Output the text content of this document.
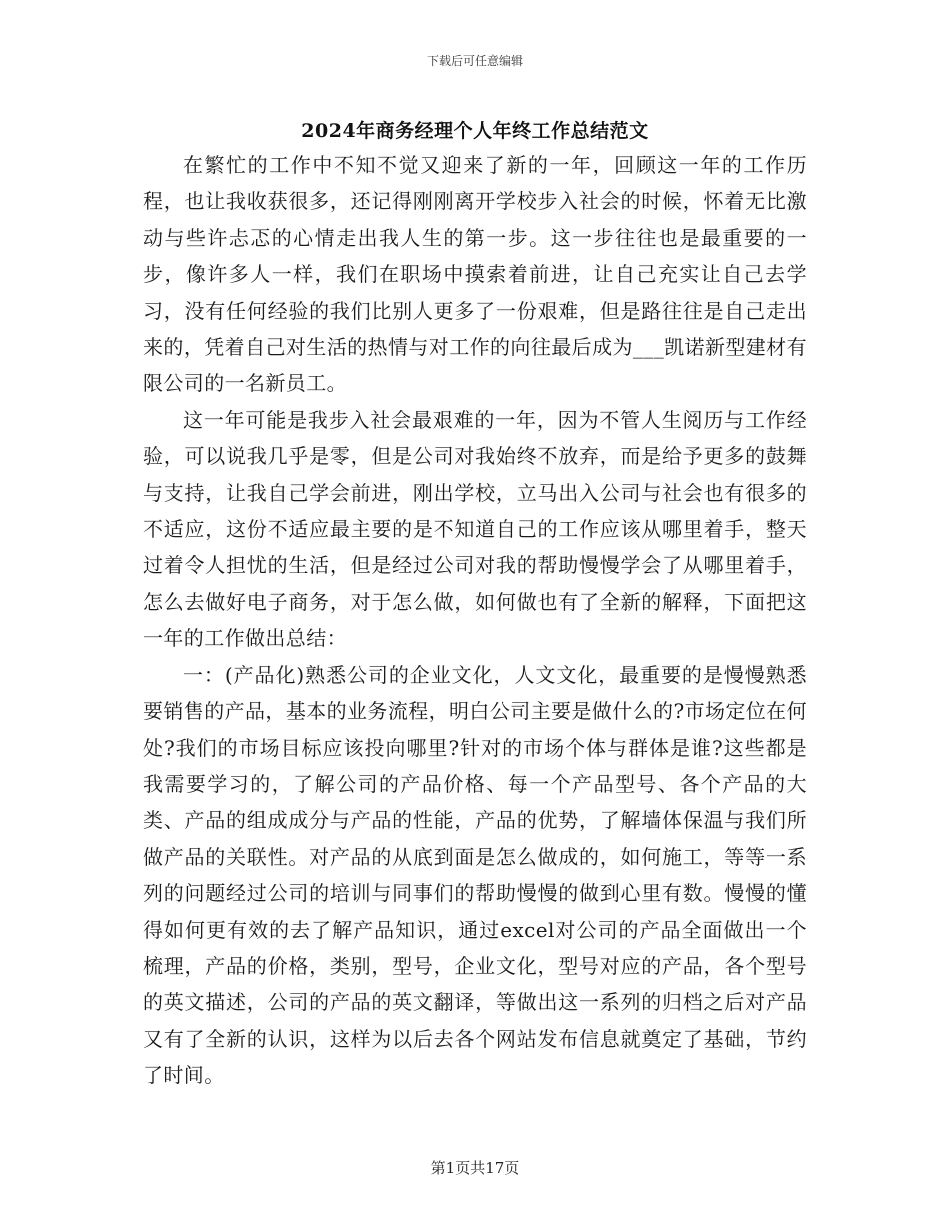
下载后可任意编辑
2024年商务经理个人年终工作总结范文

在繁忙的工作中不知不觉又迎来了新的一年，回顾这一年的工作历程，也让我收获很多，还记得刚刚离开学校步入社会的时候，怀着无比激动与些许忐忑的心情走出我人生的第一步。这一步往往也是最重要的一步，像许多人一样，我们在职场中摸索着前进，让自己充实让自己去学习，没有任何经验的我们比别人更多了一份艰难，但是路往往是自己走出来的，凭着自己对生活的热情与对工作的向往最后成为___凯诺新型建材有限公司的一名新员工。

这一年可能是我步入社会最艰难的一年，因为不管人生阅历与工作经验，可以说我几乎是零，但是公司对我始终不放弃，而是给予更多的鼓舞与支持，让我自己学会前进，刚出学校，立马出入公司与社会也有很多的不适应，这份不适应最主要的是不知道自己的工作应该从哪里着手，整天过着令人担忧的生活，但是经过公司对我的帮助慢慢学会了从哪里着手，怎么去做好电子商务，对于怎么做，如何做也有了全新的解释，下面把这一年的工作做出总结：

一：(产品化)熟悉公司的企业文化，人文文化，最重要的是慢慢熟悉要销售的产品，基本的业务流程，明白公司主要是做什么的?市场定位在何处?我们的市场目标应该投向哪里?针对的市场个体与群体是谁?这些都是我需要学习的，了解公司的产品价格、每一个产品型号、各个产品的大类、产品的组成成分与产品的性能，产品的优势，了解墙体保温与我们所做产品的关联性。对产品的从底到面是怎么做成的，如何施工，等等一系列的问题经过公司的培训与同事们的帮助慢慢的做到心里有数。慢慢的懂得如何更有效的去了解产品知识，通过excel对公司的产品全面做出一个梳理，产品的价格，类别，型号，企业文化，型号对应的产品，各个型号的英文描述，公司的产品的英文翻译，等做出这一系列的归档之后对产品又有了全新的认识，这样为以后去各个网站发布信息就奠定了基础，节约了时间。

第1页共17页
